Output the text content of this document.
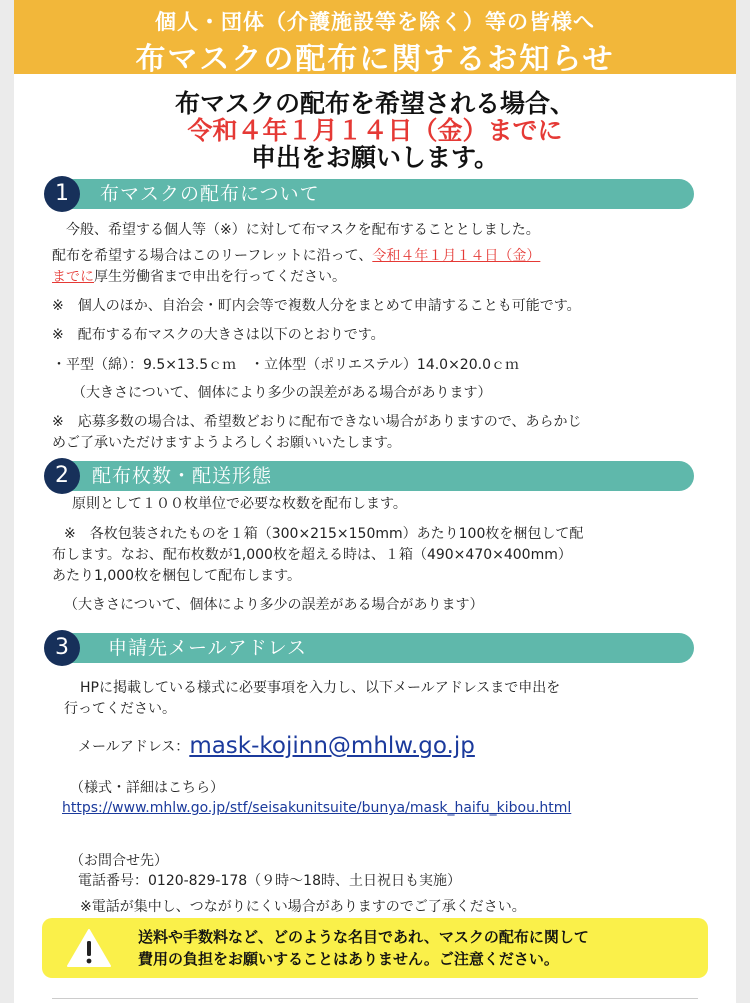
個人・団体（介護施設等を除く）等の皆様へ
布マスクの配布に関するお知らせ
布マスクの配布を希望される場合、
令和４年１月１４日（金）までに
申出をお願いします。
1	布マスクの配布について

今般、希望する個人等（※）に対して布マスクを配布することとしました。

配布を希望する場合はこのリーフレットに沿って、令和４年１月１４日（金）

までに厚生労働省まで申出を行ってください。

※　個人のほか、自治会・町内会等で複数人分をまとめて申請することも可能です。

※　配布する布マスクの大きさは以下のとおりです。

・平型（綿）：9.5×13.5ｃｍ　・立体型（ポリエステル）14.0×20.0ｃｍ

（大きさについて、個体により多少の誤差がある場合があります）

※　応募多数の場合は、希望数どおりに配布できない場合がありますので、あらかじ

めご了承いただけますようよろしくお願いいたします。

2	配布枚数・配送形態

原則として１００枚単位で必要な枚数を配布します。

※　各枚包装されたものを１箱（300×215×150mm）あたり100枚を梱包して配

布します。なお、配布枚数が1,000枚を超える時は、１箱（490×470×400mm）

あたり1,000枚を梱包して配布します。

（大きさについて、個体により多少の誤差がある場合があります）

3	申請先メールアドレス

HPに掲載している様式に必要事項を入力し、以下メールアドレスまで申出を

行ってください。

メールアドレス：mask-kojinn@mhlw.go.jp

（様式・詳細はこちら）

https://www.mhlw.go.jp/stf/seisakunitsuite/bunya/mask_haifu_kibou.html

（お問合せ先）

電話番号：0120-829-178（９時～18時、土日祝日も実施）

※電話が集中し、つながりにくい場合がありますのでご了承ください。

送料や手数料など、どのような名目であれ、マスクの配布に関して
費用の負担をお願いすることはありません。ご注意ください。
